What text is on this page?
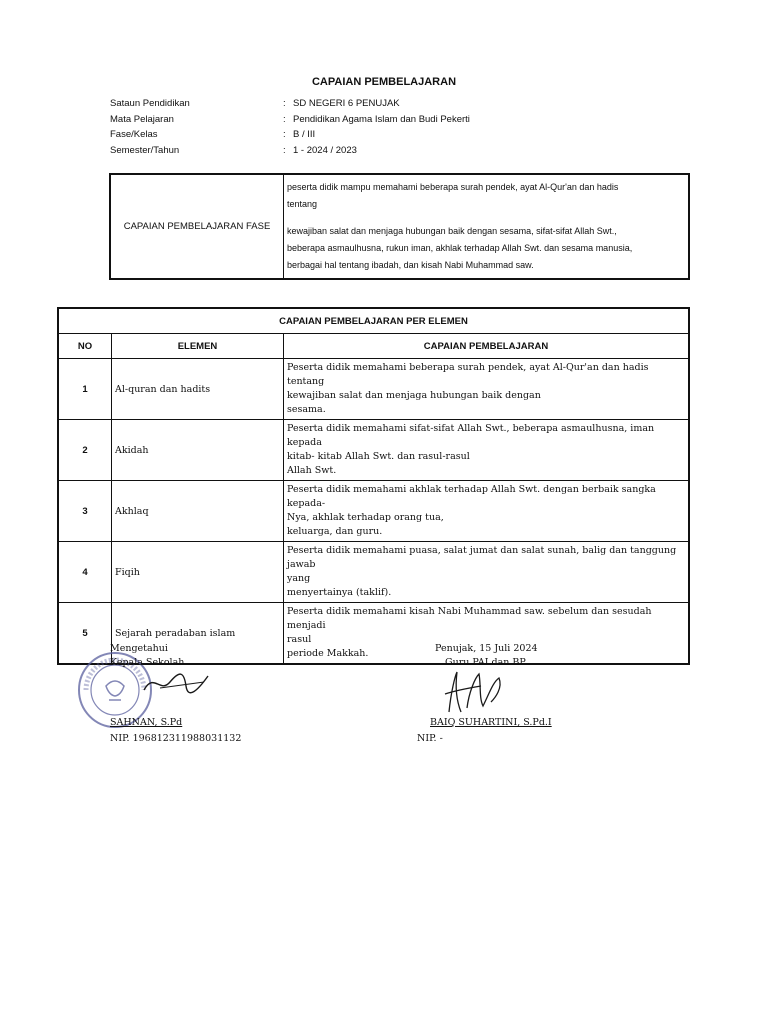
CAPAIAN PEMBELAJARAN
Sataun Pendidikan	: SD NEGERI 6 PENUJAK
Mata Pelajaran	: Pendidikan Agama Islam dan Budi Pekerti
Fase/Kelas	: B / III
Semester/Tahun	: 1 - 2024 / 2023
CAPAIAN PEMBELAJARAN FASE	
peserta didik mampu memahami beberapa surah pendek, ayat Al-Qur'an dan hadis
tentang
kewajiban salat dan menjaga hubungan baik dengan sesama, sifat-sifat Allah Swt.,
beberapa asmaulhusna, rukun iman, akhlak terhadap Allah Swt. dan sesama manusia,
berbagai hal tentang ibadah, dan kisah Nabi Muhammad saw.
CAPAIAN PEMBELAJARAN PER ELEMEN		
NO	ELEMEN	CAPAIAN PEMBELAJARAN
1	Al-quran dan hadits	Peserta didik memahami beberapa surah pendek, ayat Al-Qur'an dan hadis tentang
kewajiban salat dan menjaga hubungan baik dengan
sesama.

2	Akidah	Peserta didik memahami sifat-sifat Allah Swt., beberapa asmaulhusna, iman kepada
kitab- kitab Allah Swt. dan rasul-rasul
Allah Swt.

3	Akhlaq	Peserta didik memahami akhlak terhadap Allah Swt. dengan berbaik sangka kepada-
Nya, akhlak terhadap orang tua,
keluarga, dan guru.

4	Fiqih	Peserta didik memahami puasa, salat jumat dan salat sunah, balig dan tanggung jawab
yang
menyertainya (taklif).

5	Sejarah peradaban islam	Peserta didik memahami kisah Nabi Muhammad saw. sebelum dan sesudah menjadi
rasul
periode Makkah.
Mengetahui
Kepala Sekolah
SAHNAN, S.Pd
NIP. 196812311988031132
Penujak, 15 Juli 2024
Guru PAI dan BP
BAIQ SUHARTINI, S.Pd.I
NIP. -
